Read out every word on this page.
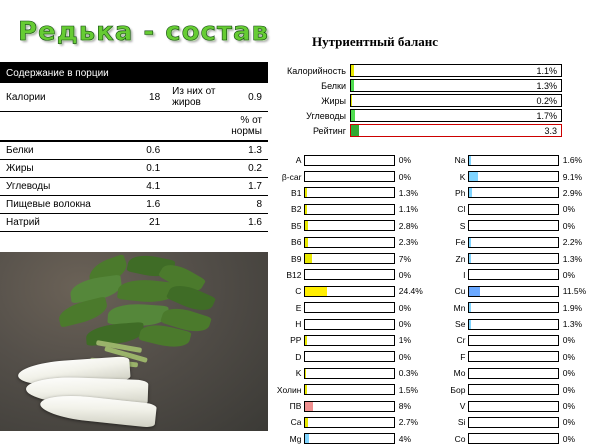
Редька - состав
Содержание в порции
Калории	18	Из них от жиров	0.9
			% от нормы
Белки	0.6		1.3
Жиры	0.1		0.2
Углеводы	4.1		1.7
Пищевые волокна	1.6		8
Натрий	21		1.6
Нутриентный баланс
Калорийность	1.1%
Белки	1.3%
Жиры	0.2%
Углеводы	1.7%
Рейтинг	3.3
A	0%
β-car	0%
B1	1.3%
B2	1.1%
B5	2.8%
B6	2.3%
B9	7%
B12	0%
C	24.4%
E	0%
H	0%
PP	1%
D	0%
K	0.3%
Холин	1.5%
ПВ	8%
Ca	2.7%
Mg	4%
Na	1.6%
K	9.1%
Ph	2.9%
Cl	0%
S	0%
Fe	2.2%
Zn	1.3%
I	0%
Cu	11.5%
Mn	1.9%
Se	1.3%
Cr	0%
F	0%
Mo	0%
Бор	0%
V	0%
Si	0%
Co	0%
